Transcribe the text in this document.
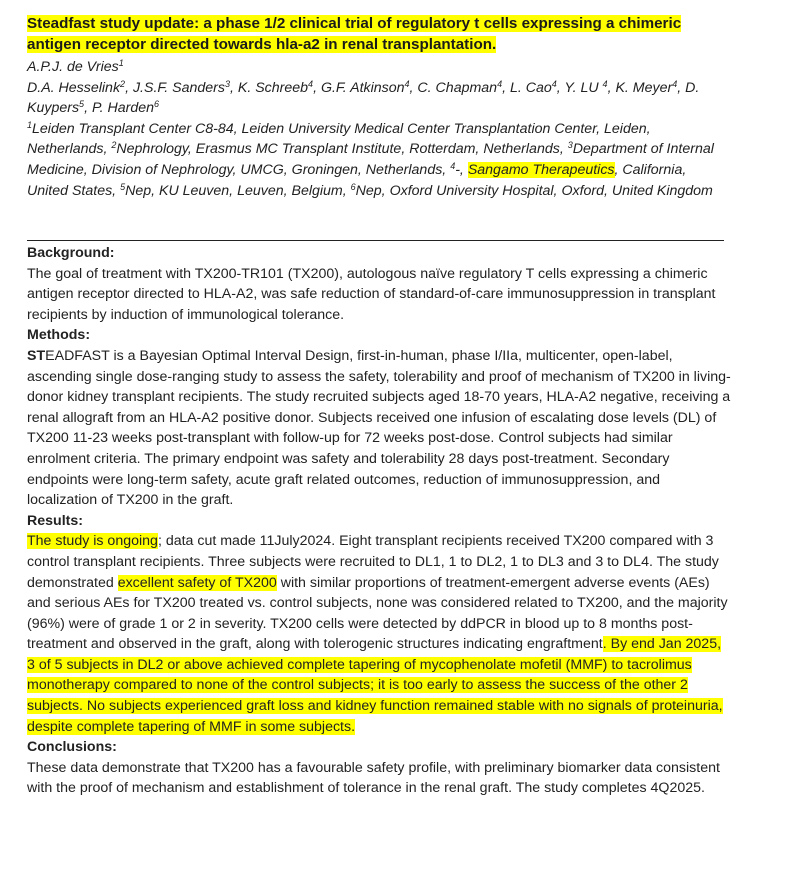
Steadfast study update: a phase 1/2 clinical trial of regulatory t cells expressing a chimeric
antigen receptor directed towards hla-a2 in renal transplantation.
A.P.J. de Vries$^1$
D.A. Hesselink$^2$, J.S.F. Sanders$^3$, K. Schreeb$^4$, G.F. Atkinson$^4$, C. Chapman$^4$, L. Cao$^4$, Y. LU $^4$, K. Meyer$^4$, D. Kuypers$^5$, P. Harden$^6$
$^1$Leiden Transplant Center C8-84, Leiden University Medical Center Transplantation Center, Leiden, Netherlands, $^2$Nephrology, Erasmus MC Transplant Institute, Rotterdam, Netherlands, $^3$Department of Internal Medicine, Division of Nephrology, UMCG, Groningen, Netherlands, $^4$-, Sangamo Therapeutics, California, United States, $^5$Nep, KU Leuven, Leuven, Belgium, $^6$Nep, Oxford University Hospital, Oxford, United Kingdom
Background:

The goal of treatment with TX200-TR101 (TX200), autologous naïve regulatory T cells expressing a chimeric antigen receptor directed to HLA-A2, was safe reduction of standard-of-care immunosuppression in transplant recipients by induction of immunological tolerance.

Methods:

STEADFAST is a Bayesian Optimal Interval Design, first-in-human, phase I/IIa, multicenter, open-label, ascending single dose-ranging study to assess the safety, tolerability and proof of mechanism of TX200 in living-donor kidney transplant recipients. The study recruited subjects aged 18-70 years, HLA-A2 negative, receiving a renal allograft from an HLA-A2 positive donor. Subjects received one infusion of escalating dose levels (DL) of TX200 11-23 weeks post-transplant with follow-up for 72 weeks post-dose. Control subjects had similar enrolment criteria. The primary endpoint was safety and tolerability 28 days post-treatment. Secondary endpoints were long-term safety, acute graft related outcomes, reduction of immunosuppression, and localization of TX200 in the graft.

Results:

The study is ongoing; data cut made 11July2024. Eight transplant recipients received TX200 compared with 3 control transplant recipients. Three subjects were recruited to DL1, 1 to DL2, 1 to DL3 and 3 to DL4. The study demonstrated excellent safety of TX200 with similar proportions of treatment-emergent adverse events (AEs) and serious AEs for TX200 treated vs. control subjects, none was considered related to TX200, and the majority (96%) were of grade 1 or 2 in severity. TX200 cells were detected by ddPCR in blood up to 8 months post-treatment and observed in the graft, along with tolerogenic structures indicating engraftment. By end Jan 2025, 3 of 5 subjects in DL2 or above achieved complete tapering of mycophenolate mofetil (MMF) to tacrolimus monotherapy compared to none of the control subjects; it is too early to assess the success of the other 2 subjects. No subjects experienced graft loss and kidney function remained stable with no signals of proteinuria, despite complete tapering of MMF in some subjects.

Conclusions:

These data demonstrate that TX200 has a favourable safety profile, with preliminary biomarker data consistent with the proof of mechanism and establishment of tolerance in the renal graft. The study completes 4Q2025.
